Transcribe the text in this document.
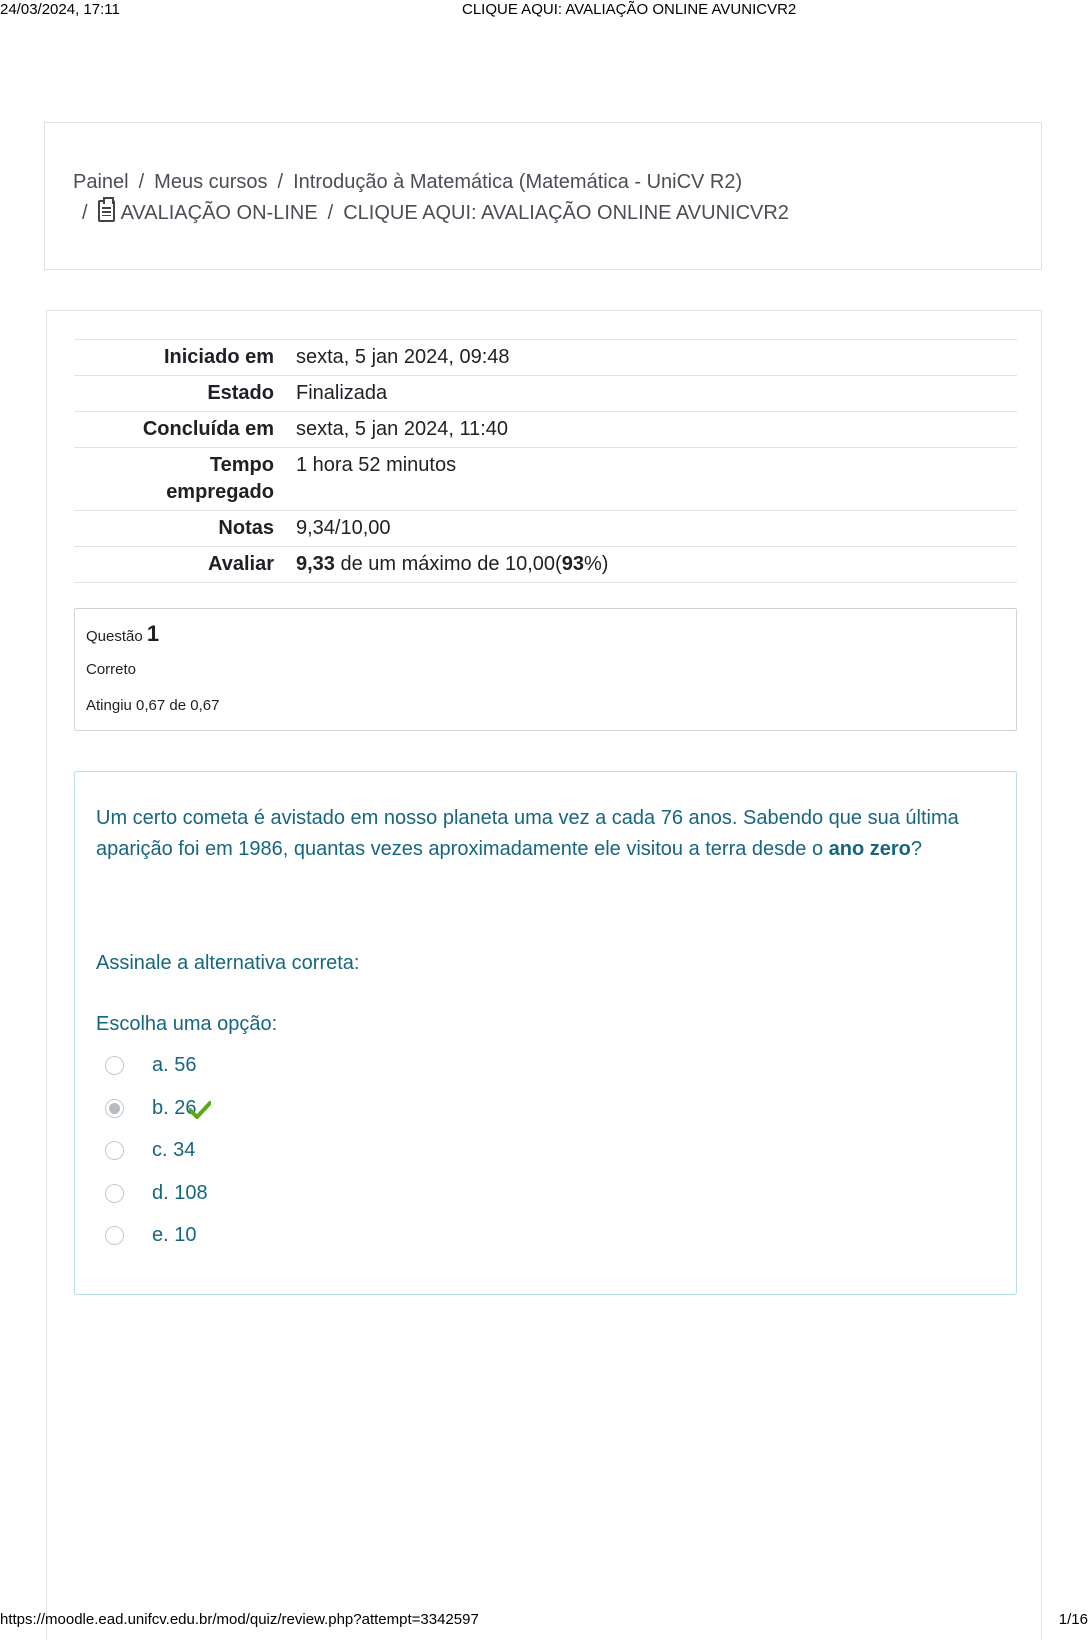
24/03/2024, 17:11	CLIQUE AQUI: AVALIAÇÃO ONLINE AVUNICVR2
Painel / Meus cursos / Introdução à Matemática (Matemática - UniCV R2)
/ AVALIAÇÃO ON-LINE / CLIQUE AQUI: AVALIAÇÃO ONLINE AVUNICVR2
Iniciado em	sexta, 5 jan 2024, 09:48
Estado	Finalizada
Concluída em	sexta, 5 jan 2024, 11:40
Tempo
empregado	1 hora 52 minutos
Notas	9,34/10,00
Avaliar	9,33 de um máximo de 10,00(93%)
Questão 1
Correto
Atingiu 0,67 de 0,67
Um certo cometa é avistado em nosso planeta uma vez a cada 76 anos. Sabendo que sua última aparição foi em 1986, quantas vezes aproximadamente ele visitou a terra desde o ano zero?
Assinale a alternativa correta:
Escolha uma opção:
a. 56
b. 26
c. 34
d. 108
e. 10
https://moodle.ead.unifcv.edu.br/mod/quiz/review.php?attempt=3342597	1/16
